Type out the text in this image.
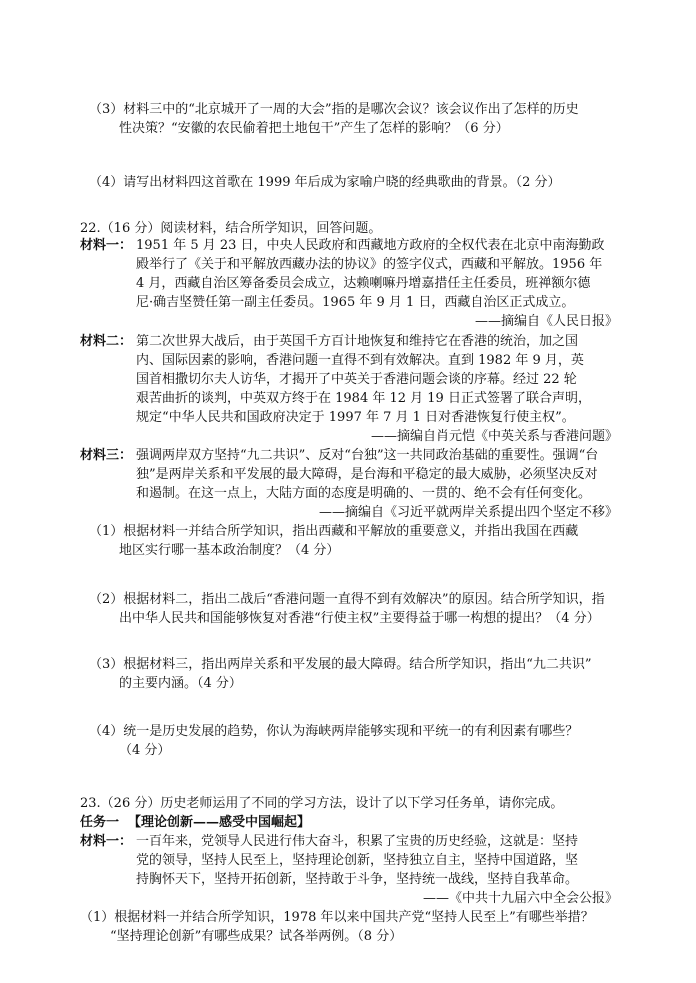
（3）材料三中的“北京城开了一周的大会”指的是哪次会议？该会议作出了怎样的历史
性决策？“安徽的农民偷着把土地包干”产生了怎样的影响？（6 分）
（4）请写出材料四这首歌在 1999 年后成为家喻户晓的经典歌曲的背景。（2 分）
22.（16 分）阅读材料，结合所学知识，回答问题。
材料一： 1951 年 5 月 23 日，中央人民政府和西藏地方政府的全权代表在北京中南海勤政
殿举行了《关于和平解放西藏办法的协议》的签字仪式，西藏和平解放。1956 年
4 月，西藏自治区筹备委员会成立，达赖喇嘛丹增嘉措任主任委员，班禅额尔德
尼·确吉坚赞任第一副主任委员。1965 年 9 月 1 日，西藏自治区正式成立。
——摘编自《人民日报》
材料二： 第二次世界大战后，由于英国千方百计地恢复和维持它在香港的统治，加之国
内、国际因素的影响，香港问题一直得不到有效解决。直到 1982 年 9 月，英
国首相撒切尔夫人访华，才揭开了中英关于香港问题会谈的序幕。经过 22 轮
艰苦曲折的谈判，中英双方终于在 1984 年 12 月 19 日正式签署了联合声明，
规定“中华人民共和国政府决定于 1997 年 7 月 1 日对香港恢复行使主权”。
——摘编自肖元恺《中英关系与香港问题》
材料三： 强调两岸双方坚持“九二共识”、反对“台独”这一共同政治基础的重要性。强调“台
独”是两岸关系和平发展的最大障碍，是台海和平稳定的最大威胁，必须坚决反对
和遏制。在这一点上，大陆方面的态度是明确的、一贯的、绝不会有任何变化。
——摘编自《习近平就两岸关系提出四个坚定不移》
（1）根据材料一并结合所学知识，指出西藏和平解放的重要意义，并指出我国在西藏
地区实行哪一基本政治制度？（4 分）
（2）根据材料二，指出二战后“香港问题一直得不到有效解决”的原因。结合所学知识，指
出中华人民共和国能够恢复对香港“行使主权”主要得益于哪一构想的提出？（4 分）
（3）根据材料三，指出两岸关系和平发展的最大障碍。结合所学知识，指出“九二共识”
的主要内涵。（4 分）
（4）统一是历史发展的趋势，你认为海峡两岸能够实现和平统一的有利因素有哪些？
（4 分）
23.（26 分）历史老师运用了不同的学习方法，设计了以下学习任务单，请你完成。
任务一 【理论创新——感受中国崛起】
材料一： 一百年来，党领导人民进行伟大奋斗，积累了宝贵的历史经验，这就是：坚持
党的领导，坚持人民至上，坚持理论创新，坚持独立自主，坚持中国道路，坚
持胸怀天下，坚持开拓创新，坚持敢于斗争，坚持统一战线，坚持自我革命。
——《中共十九届六中全会公报》
（1）根据材料一并结合所学知识，1978 年以来中国共产党“坚持人民至上”有哪些举措？
“坚持理论创新”有哪些成果？试各举两例。（8 分）
